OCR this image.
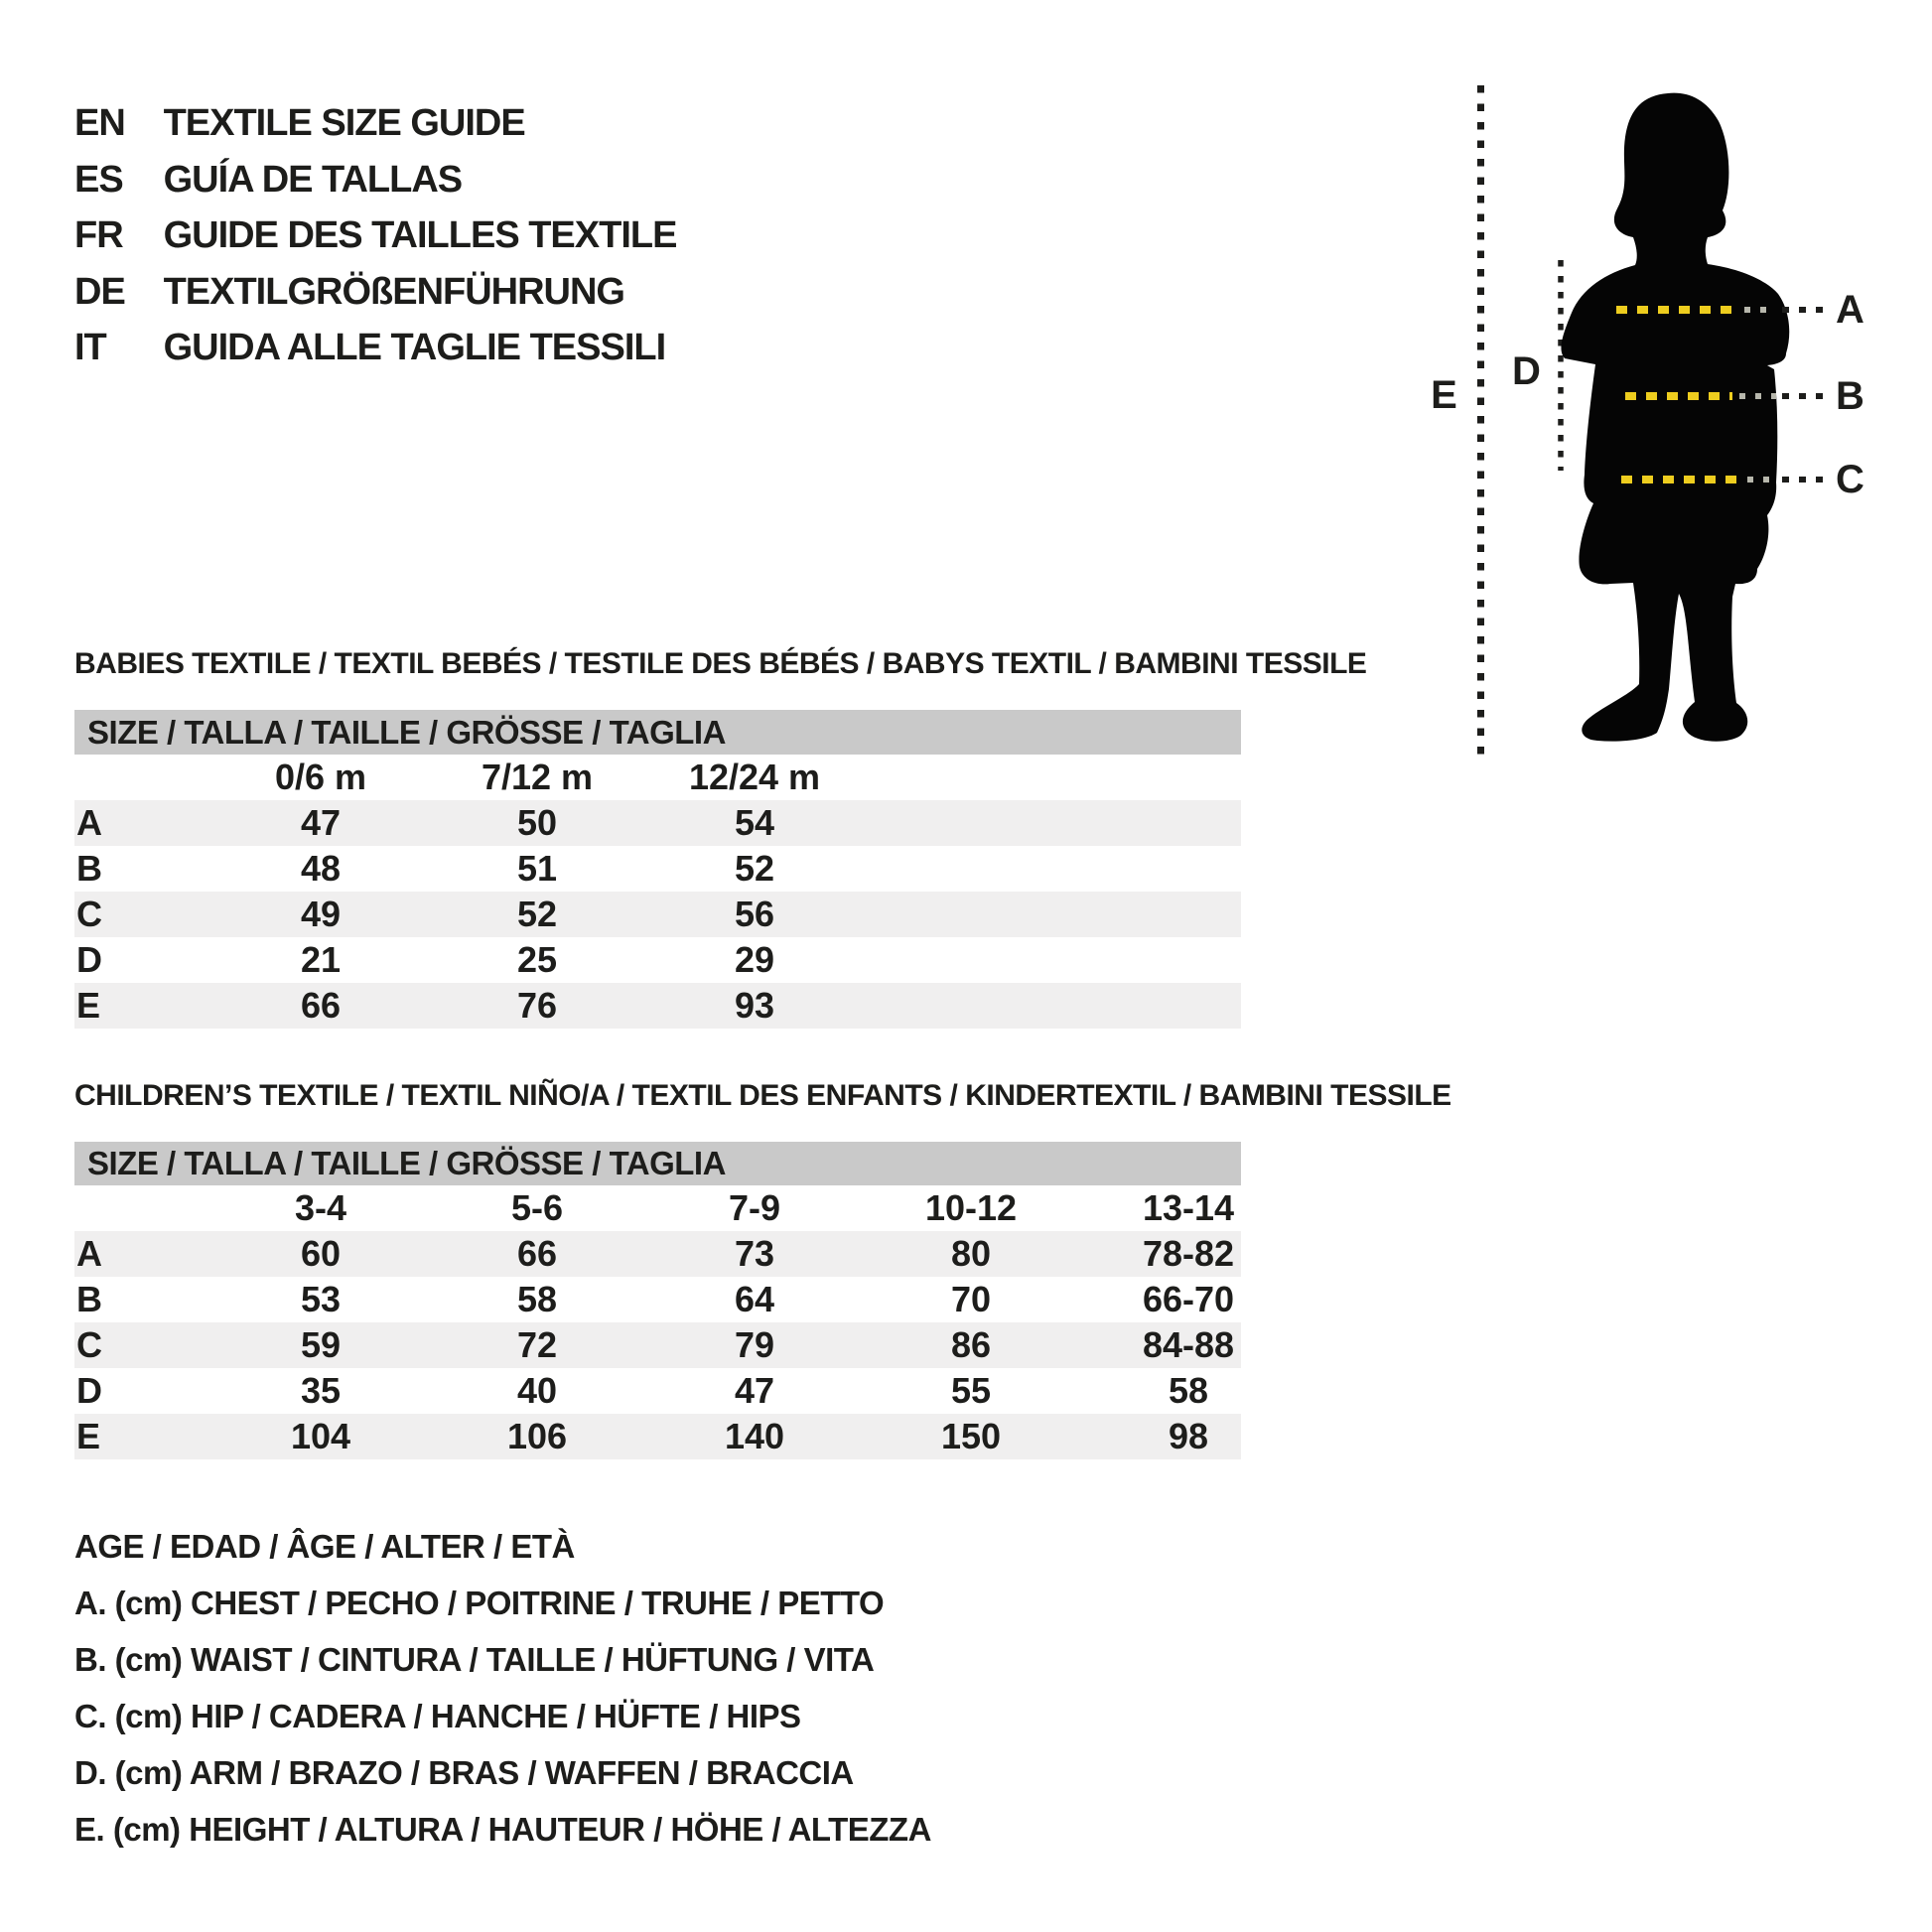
EN TEXTILE SIZE GUIDE
ES GUÍA DE TALLAS
FR GUIDE DES TAILLES TEXTILE
DE TEXTILGRÖßENFÜHRUNG
IT GUIDA ALLE TAGLIE TESSILI
A
B
C
D
E
BABIES TEXTILE / TEXTIL BEBÉS / TESTILE DES BÉBÉS / BABYS TEXTIL / BAMBINI TESSILE
SIZE / TALLA / TAILLE / GRÖSSE / TAGLIA
0/6 m	7/12 m	12/24 m
A	47	50	54
B	48	51	52
C	49	52	56
D	21	25	29
E	66	76	93
CHILDREN’S TEXTILE / TEXTIL NIÑO/A / TEXTIL DES ENFANTS / KINDERTEXTIL / BAMBINI TESSILE
SIZE / TALLA / TAILLE / GRÖSSE / TAGLIA
3-4	5-6	7-9	10-12	13-14
A	60	66	73	80	78-82
B	53	58	64	70	66-70
C	59	72	79	86	84-88
D	35	40	47	55	58
E	104	106	140	150	98
AGE / EDAD / ÂGE / ALTER / ETÀ
A. (cm) CHEST / PECHO / POITRINE / TRUHE / PETTO
B. (cm) WAIST / CINTURA / TAILLE / HÜFTUNG / VITA
C. (cm) HIP / CADERA / HANCHE / HÜFTE / HIPS
D. (cm) ARM / BRAZO / BRAS / WAFFEN / BRACCIA
E. (cm) HEIGHT / ALTURA / HAUTEUR / HÖHE / ALTEZZA
